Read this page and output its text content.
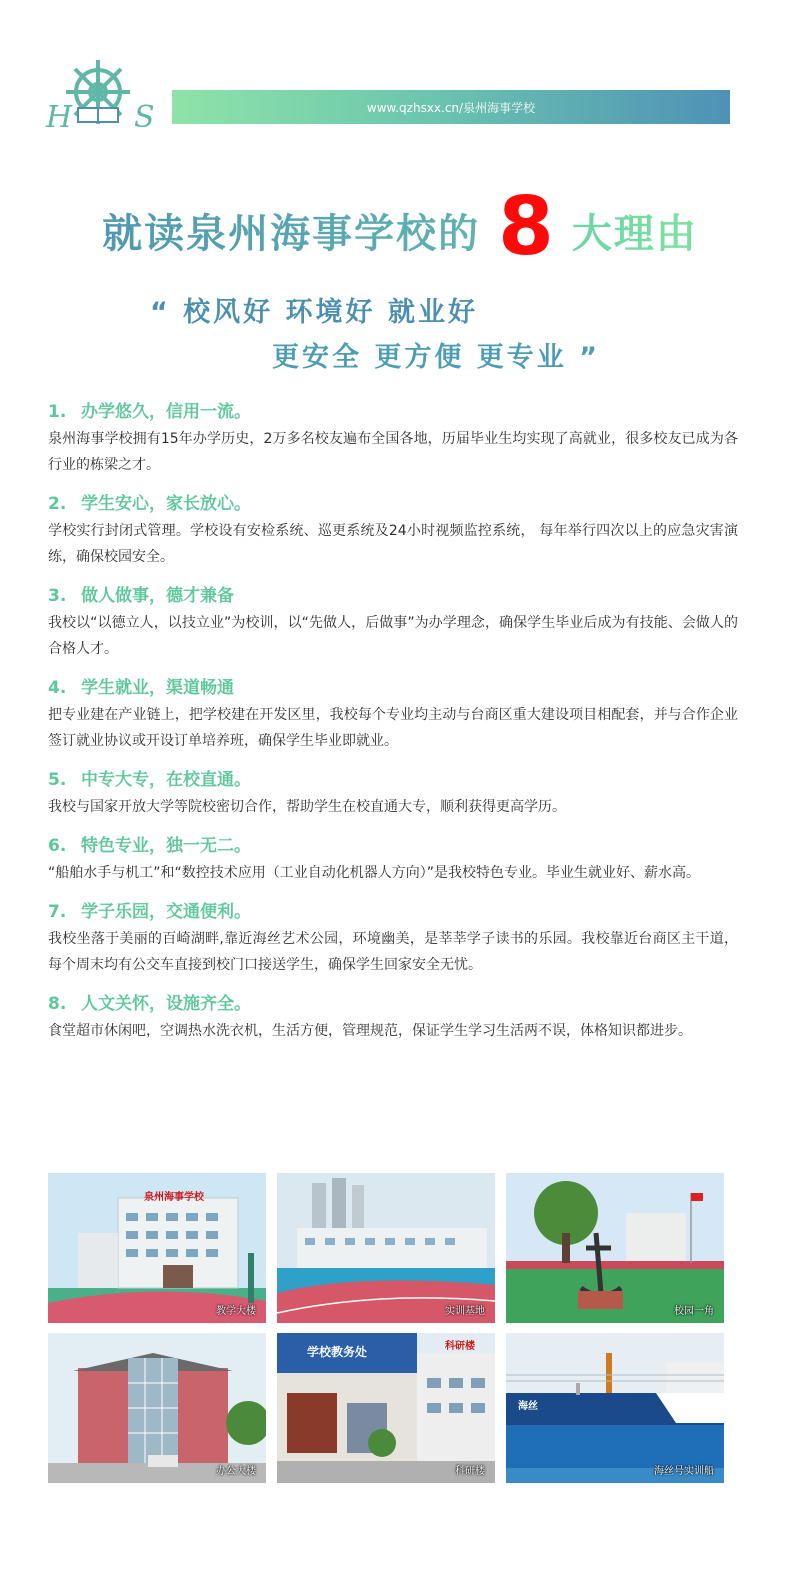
H S	www.qzhsxx.cn/泉州海事学校
就读泉州海事学校的 8 大理由
“ 校风好 环境好 就业好
更安全 更方便 更专业 ”
1. 办学悠久，信用一流。
泉州海事学校拥有15年办学历史，2万多名校友遍布全国各地，历届毕业生均实现了高就业，很多校友已成为各行业的栋梁之才。
2. 学生安心，家长放心。
学校实行封闭式管理。学校设有安检系统、巡更系统及24小时视频监控系统， 每年举行四次以上的应急灾害演练，确保校园安全。
3. 做人做事，德才兼备
我校以“以德立人，以技立业”为校训，以“先做人，后做事”为办学理念，确保学生毕业后成为有技能、会做人的合格人才。
4. 学生就业，渠道畅通
把专业建在产业链上，把学校建在开发区里，我校每个专业均主动与台商区重大建设项目相配套，并与合作企业签订就业协议或开设订单培养班，确保学生毕业即就业。
5. 中专大专，在校直通。
我校与国家开放大学等院校密切合作，帮助学生在校直通大专，顺利获得更高学历。
6. 特色专业，独一无二。
“船舶水手与机工”和“数控技术应用（工业自动化机器人方向）”是我校特色专业。毕业生就业好、薪水高。
7. 学子乐园，交通便利。
我校坐落于美丽的百崎湖畔,靠近海丝艺术公园，环境幽美，是莘莘学子读书的乐园。我校靠近台商区主干道，每个周末均有公交车直接到校门口接送学生，确保学生回家安全无忧。
8. 人文关怀，设施齐全。
食堂超市休闲吧，空调热水洗衣机，生活方便，管理规范，保证学生学习生活两不误，体格知识都进步。
泉州海事学校
教学大楼	实训基地	校园一角
办公大楼
学校教务处	科研楼
科研楼
海丝
海丝号实训船
